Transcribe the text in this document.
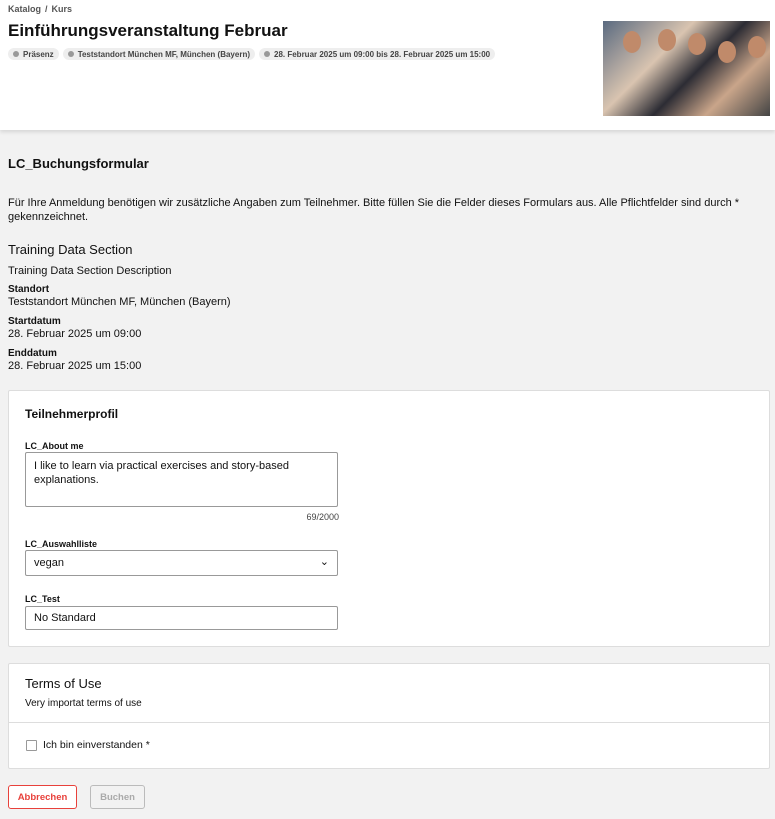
Katalog / Kurs
Einführungsveranstaltung Februar
Präsenz	Teststandort München MF, München (Bayern)	28. Februar 2025 um 09:00 bis 28. Februar 2025 um 15:00
LC_Buchungsformular
Für Ihre Anmeldung benötigen wir zusätzliche Angaben zum Teilnehmer. Bitte füllen Sie die Felder dieses Formulars aus. Alle Pflichtfelder sind durch * gekennzeichnet.
Training Data Section
Training Data Section Description
Standort
Teststandort München MF, München (Bayern)
Startdatum
28. Februar 2025 um 09:00
Enddatum
28. Februar 2025 um 15:00
Teilnehmerprofil
LC_About me
I like to learn via practical exercises and story-based explanations.
69/2000
LC_Auswahlliste
vegan	⌄
LC_Test
No Standard
Terms of Use
Very importat terms of use
Ich bin einverstanden *
Abbrechen	Buchen
